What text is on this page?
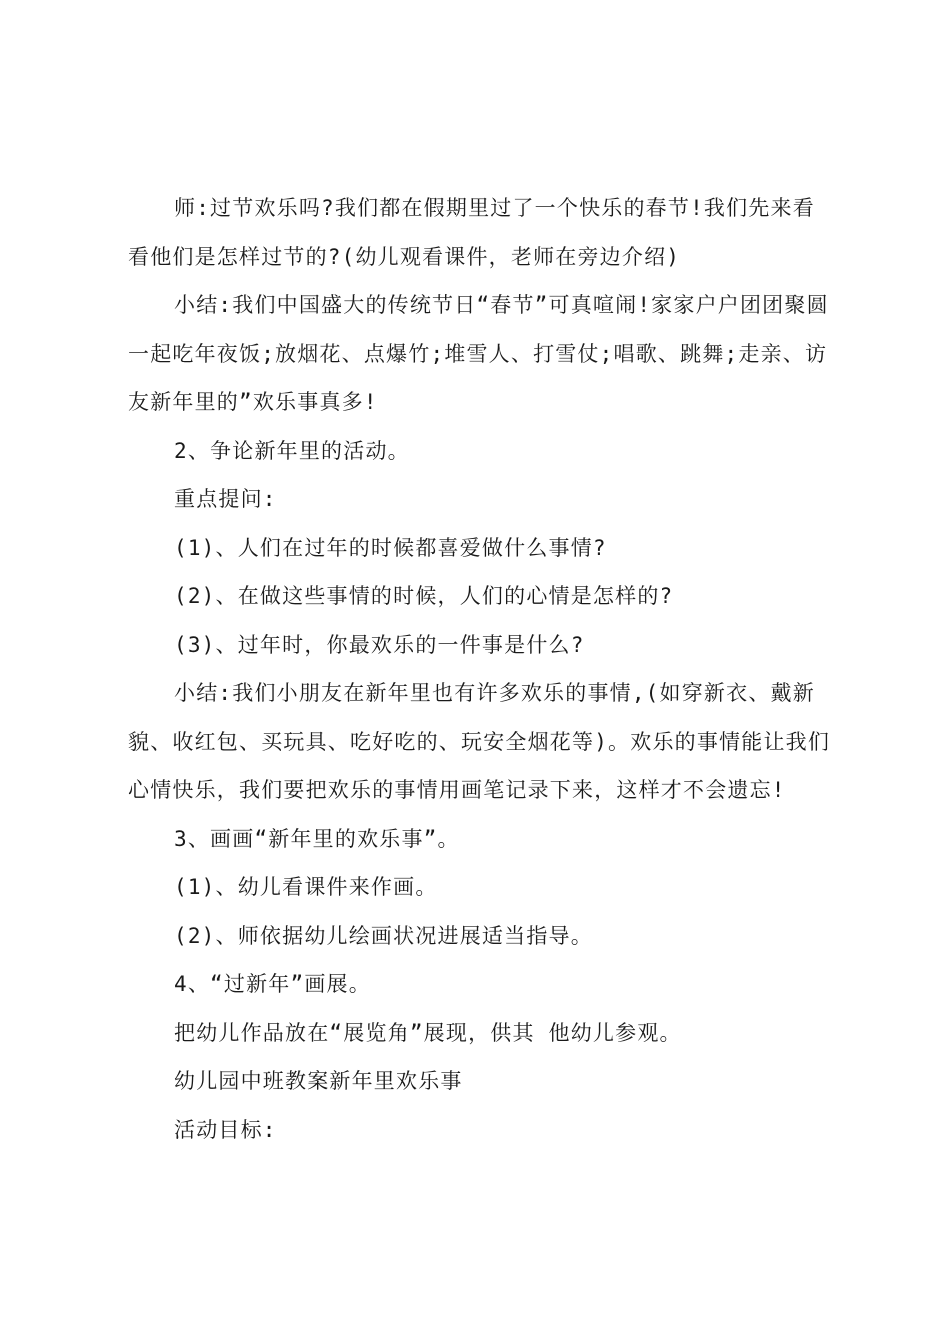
师:过节欢乐吗?我们都在假期里过了一个快乐的春节!我们先来看看他们是怎样过节的?(幼儿观看课件，老师在旁边介绍)

小结:我们中国盛大的传统节日“春节”可真喧闹!家家户户团团聚圆一起吃年夜饭;放烟花、点爆竹;堆雪人、打雪仗;唱歌、跳舞;走亲、访友新年里的”欢乐事真多!

2、争论新年里的活动。

重点提问:

(1)、人们在过年的时候都喜爱做什么事情?

(2)、在做这些事情的时候，人们的心情是怎样的?

(3)、过年时，你最欢乐的一件事是什么?

小结:我们小朋友在新年里也有许多欢乐的事情,(如穿新衣、戴新貌、收红包、买玩具、吃好吃的、玩安全烟花等)。欢乐的事情能让我们心情快乐，我们要把欢乐的事情用画笔记录下来，这样才不会遗忘!

3、画画“新年里的欢乐事”。

(1)、幼儿看课件来作画。

(2)、师依据幼儿绘画状况进展适当指导。

4、“过新年”画展。

把幼儿作品放在“展览角”展现，供其 他幼儿参观。

幼儿园中班教案新年里欢乐事

活动目标:
